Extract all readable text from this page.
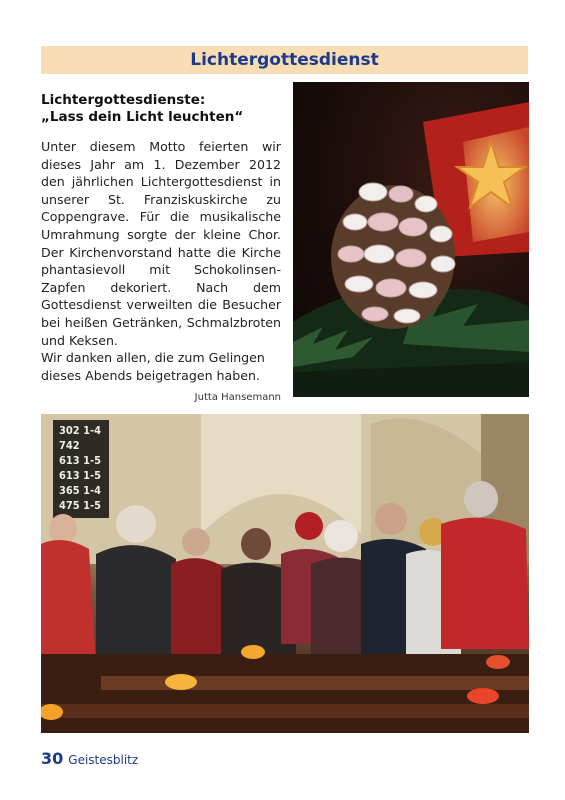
Lichtergottesdienst
Lichtergottesdienste:
„Lass dein Licht leuchten“

Unter diesem Motto feierten wir dieses Jahr am 1. Dezember 2012 den jährlichen Lichtergottesdienst in unserer St. Franziskuskirche zu Coppengrave. Für die musikalische Umrahmung sorgte der kleine Chor. Der Kirchenvorstand hatte die Kirche phantasievoll mit Schokolinsen-Zapfen dekoriert. Nach dem Gottesdienst verweilten die Besucher bei heißen Getränken, Schmalzbroten und Keksen.

Wir danken allen, die zum Gelingen dieses Abends beigetragen haben.

Jutta Hansemann
302 1-4
742
613 1-5
613 1-5
365 1-4
475 1-5
30 Geistesblitz
